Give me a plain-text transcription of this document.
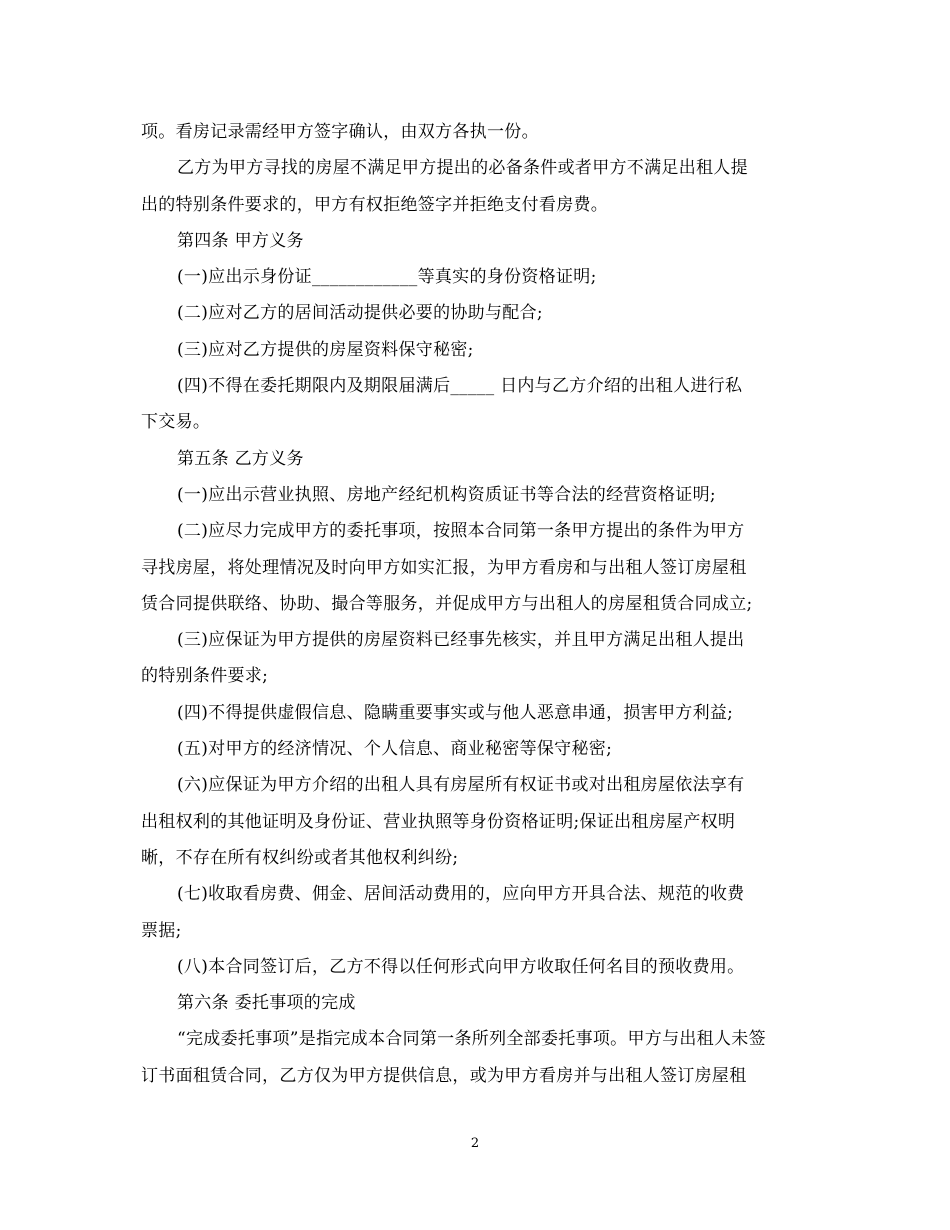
项。看房记录需经甲方签字确认，由双方各执一份。
乙方为甲方寻找的房屋不满足甲方提出的必备条件或者甲方不满足出租人提
出的特别条件要求的，甲方有权拒绝签字并拒绝支付看房费。
第四条 甲方义务
(一)应出示身份证____________等真实的身份资格证明;
(二)应对乙方的居间活动提供必要的协助与配合;
(三)应对乙方提供的房屋资料保守秘密;
(四)不得在委托期限内及期限届满后_____ 日内与乙方介绍的出租人进行私
下交易。
第五条 乙方义务
(一)应出示营业执照、房地产经纪机构资质证书等合法的经营资格证明;
(二)应尽力完成甲方的委托事项，按照本合同第一条甲方提出的条件为甲方
寻找房屋，将处理情况及时向甲方如实汇报，为甲方看房和与出租人签订房屋租
赁合同提供联络、协助、撮合等服务，并促成甲方与出租人的房屋租赁合同成立;
(三)应保证为甲方提供的房屋资料已经事先核实，并且甲方满足出租人提出
的特别条件要求;
(四)不得提供虚假信息、隐瞒重要事实或与他人恶意串通，损害甲方利益;
(五)对甲方的经济情况、个人信息、商业秘密等保守秘密;
(六)应保证为甲方介绍的出租人具有房屋所有权证书或对出租房屋依法享有
出租权利的其他证明及身份证、营业执照等身份资格证明;保证出租房屋产权明
晰，不存在所有权纠纷或者其他权利纠纷;
(七)收取看房费、佣金、居间活动费用的，应向甲方开具合法、规范的收费
票据;
(八)本合同签订后，乙方不得以任何形式向甲方收取任何名目的预收费用。
第六条 委托事项的完成
“完成委托事项”是指完成本合同第一条所列全部委托事项。甲方与出租人未签
订书面租赁合同，乙方仅为甲方提供信息，或为甲方看房并与出租人签订房屋租
2
